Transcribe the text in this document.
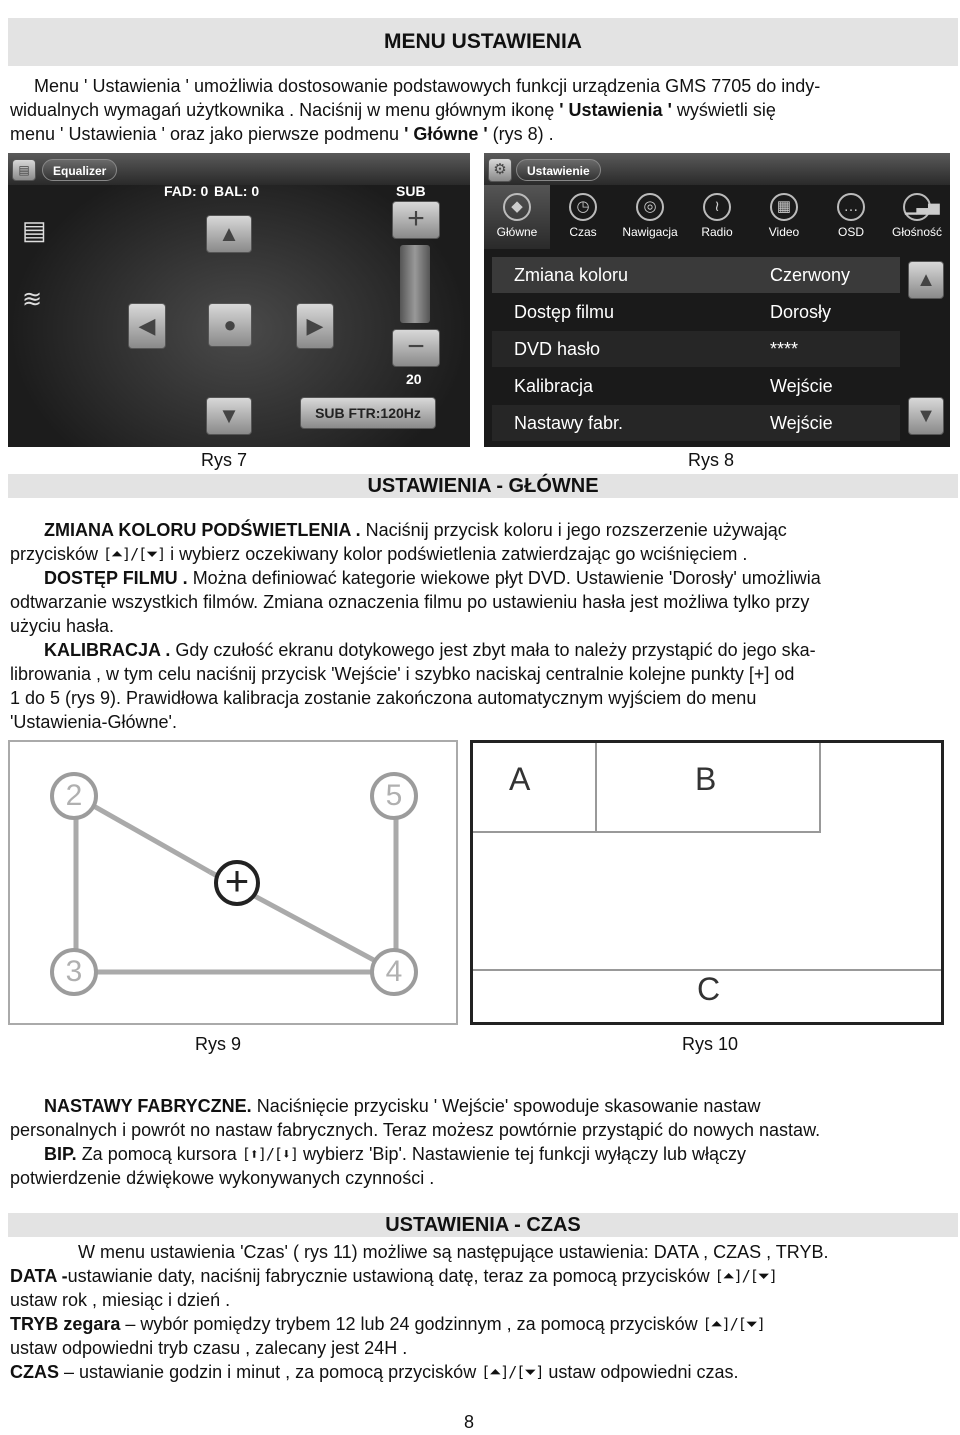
MENU USTAWIENIA
Menu ' Ustawienia ' umożliwia dostosowanie podstawowych funkcji urządzenia GMS 7705 do indy-
widualnych wymagań użytkownika . Naciśnij w menu głównym ikonę ' Ustawienia ' wyświetli się
menu ' Ustawienia ' oraz jako pierwsze podmenu ' Główne ' (rys 8) .
▤	Equalizer
FAD: 0 BAL: 0	SUB
▤
≋
▲
◀	●	▶
▼
+
−
20
SUB FTR:120Hz
⚙	Ustawienie
◆
Główne
◷
Czas
◎
Nawigacja
≀
Radio
▦
Video
…
OSD
▁▃▅
Głośność
Zmiana koloru	Czerwony
Dostęp filmu	Dorosły
DVD hasło	****
Kalibracja	Wejście
Nastawy fabr.	Wejście
▲
▼
Rys 7	Rys 8
USTAWIENIA - GŁÓWNE
ZMIANA KOLORU PODŚWIETLENIA . Naciśnij przycisk koloru i jego rozszerzenie używając
przycisków [⏶]/[⏷] i wybierz oczekiwany kolor podświetlenia zatwierdzając go wciśnięciem .
DOSTĘP FILMU . Można definiować kategorie wiekowe płyt DVD. Ustawienie 'Dorosły' umożliwia
odtwarzanie wszystkich filmów. Zmiana oznaczenia filmu po ustawieniu hasła jest możliwa tylko przy
użyciu hasła.
KALIBRACJA . Gdy czułość ekranu dotykowego jest zbyt mała to należy przystąpić do jego ska-
librowania , w tym celu naciśnij przycisk 'Wejście' i szybko naciskaj centralnie kolejne punkty [+] od
1 do 5 (rys 9). Prawidłowa kalibracja zostanie zakończona automatycznym wyjściem do menu
'Ustawienia-Główne'.
2	5
3	4
+
A	B
C
Rys 9	Rys 10
NASTAWY FABRYCZNE. Naciśnięcie przycisku ' Wejście' spowoduje skasowanie nastaw
personalnych i powrót no nastaw fabrycznych. Teraz możesz powtórnie przystąpić do nowych nastaw.
BIP. Za pomocą kursora [⬆]/[⬇] wybierz 'Bip'. Nastawienie tej funkcji wyłączy lub włączy
potwierdzenie dźwiękowe wykonywanych czynności .
USTAWIENIA - CZAS
W menu ustawienia 'Czas' ( rys 11) możliwe są następujące ustawienia: DATA , CZAS , TRYB.
DATA -ustawianie daty, naciśnij fabrycznie ustawioną datę, teraz za pomocą przycisków [⏶]/[⏷]
ustaw rok , miesiąc i dzień .
TRYB zegara – wybór pomiędzy trybem 12 lub 24 godzinnym , za pomocą przycisków [⏶]/[⏷]
ustaw odpowiedni tryb czasu , zalecany jest 24H .
CZAS – ustawianie godzin i minut , za pomocą przycisków [⏶]/[⏷] ustaw odpowiedni czas.
8
